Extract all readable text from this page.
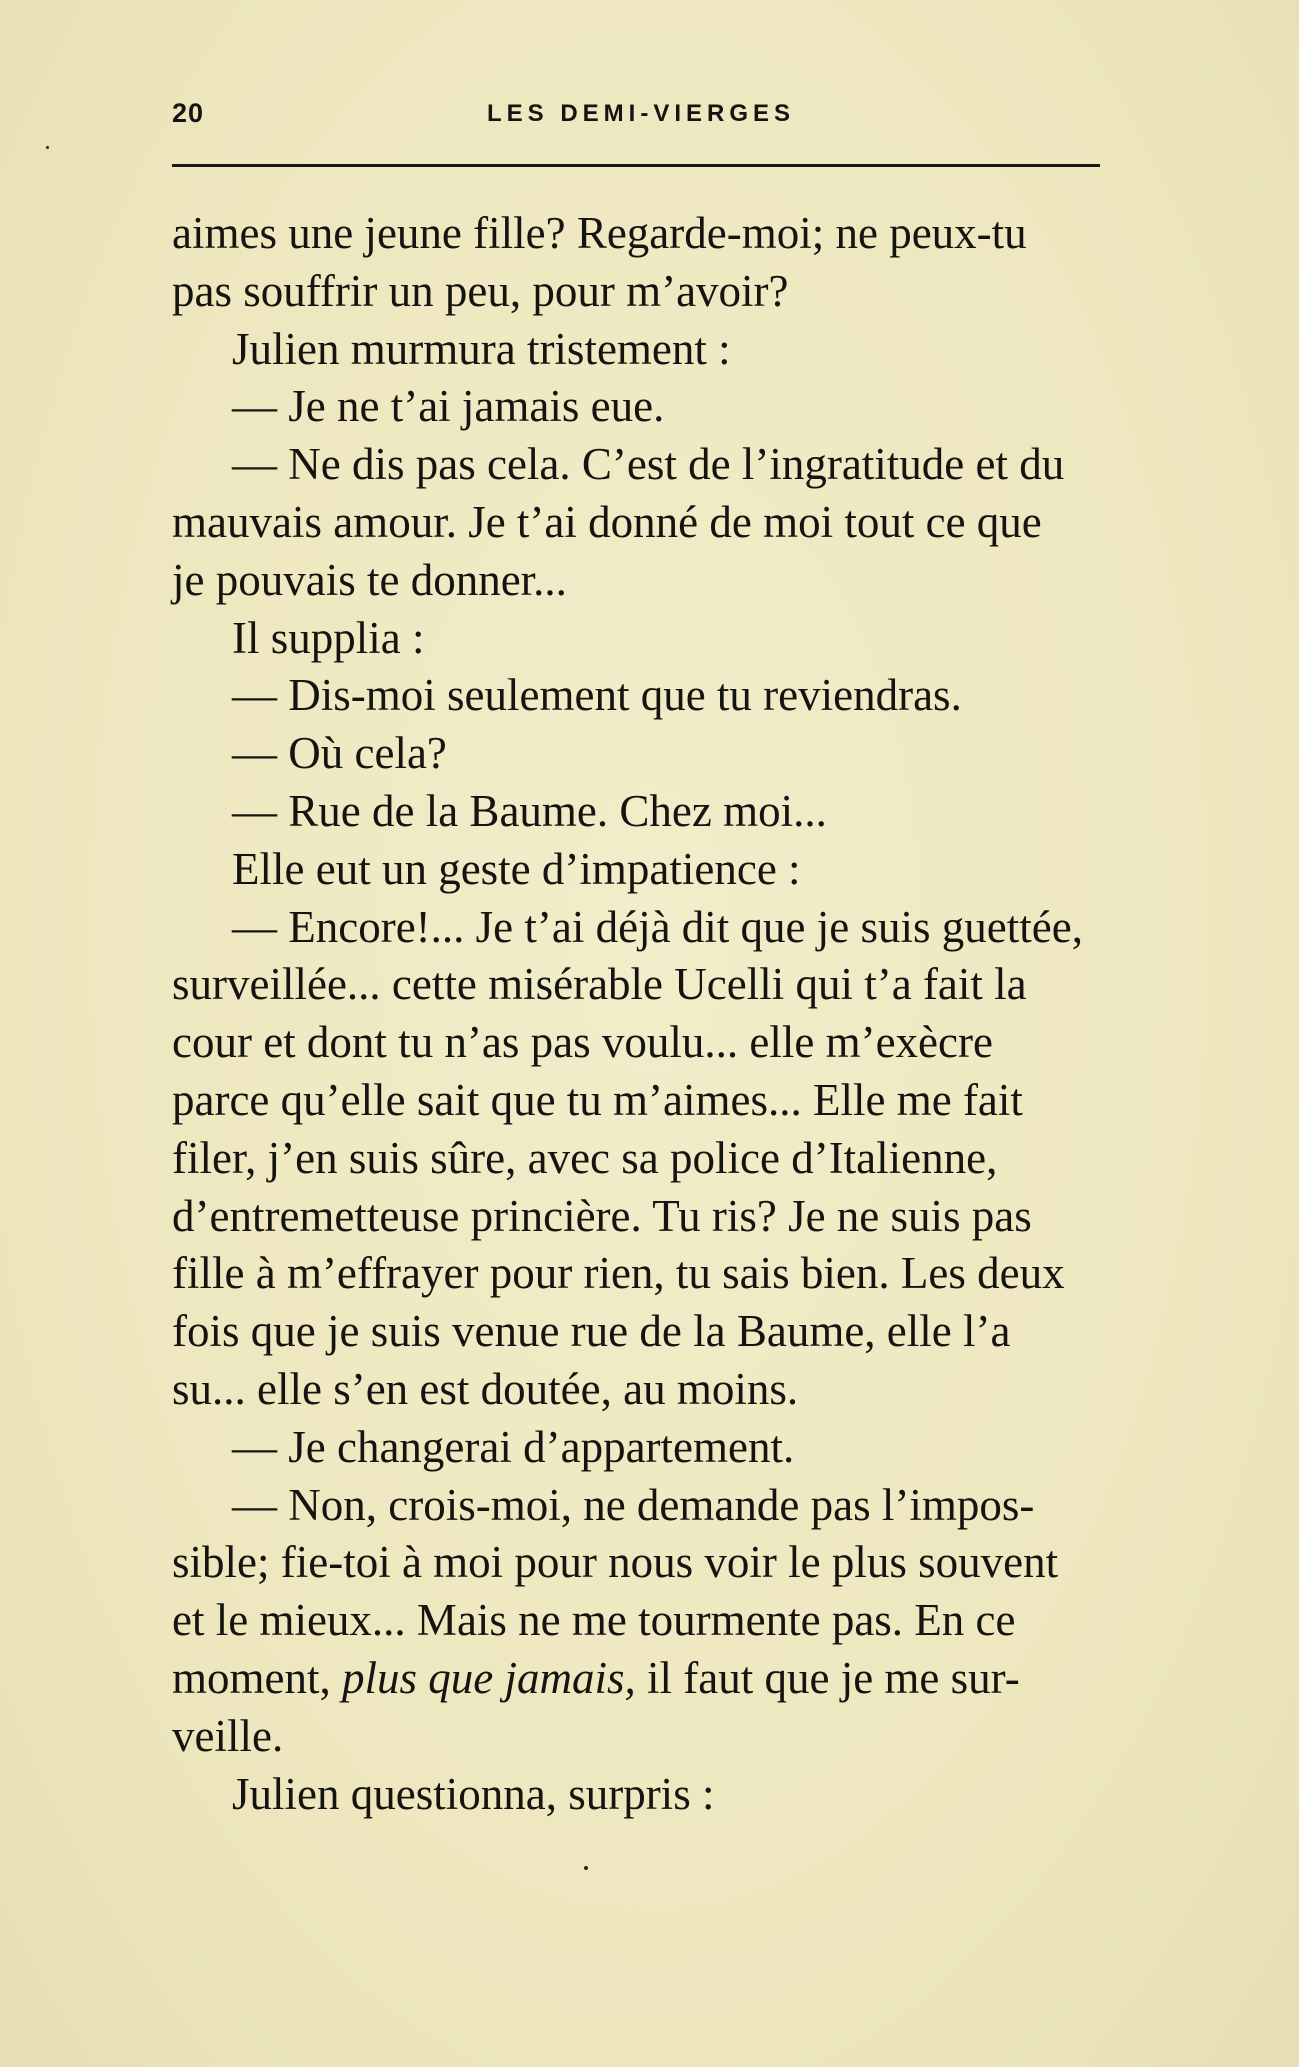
20	LES DEMI-VIERGES
aimes une jeune fille? Regarde-moi; ne peux-tu
pas souffrir un peu, pour m’avoir?
Julien murmura tristement :
— Je ne t’ai jamais eue.
— Ne dis pas cela. C’est de l’ingratitude et du
mauvais amour. Je t’ai donné de moi tout ce que
je pouvais te donner...
Il supplia :
— Dis-moi seulement que tu reviendras.
— Où cela?
— Rue de la Baume. Chez moi...
Elle eut un geste d’impatience :
— Encore!... Je t’ai déjà dit que je suis guettée,
surveillée... cette misérable Ucelli qui t’a fait la
cour et dont tu n’as pas voulu... elle m’exècre
parce qu’elle sait que tu m’aimes... Elle me fait
filer, j’en suis sûre, avec sa police d’Italienne,
d’entremetteuse princière. Tu ris? Je ne suis pas
fille à m’effrayer pour rien, tu sais bien. Les deux
fois que je suis venue rue de la Baume, elle l’a
su... elle s’en est doutée, au moins.
— Je changerai d’appartement.
— Non, crois-moi, ne demande pas l’impos-
sible; fie-toi à moi pour nous voir le plus souvent
et le mieux... Mais ne me tourmente pas. En ce
moment, plus que jamais, il faut que je me sur-
veille.
Julien questionna, surpris :
